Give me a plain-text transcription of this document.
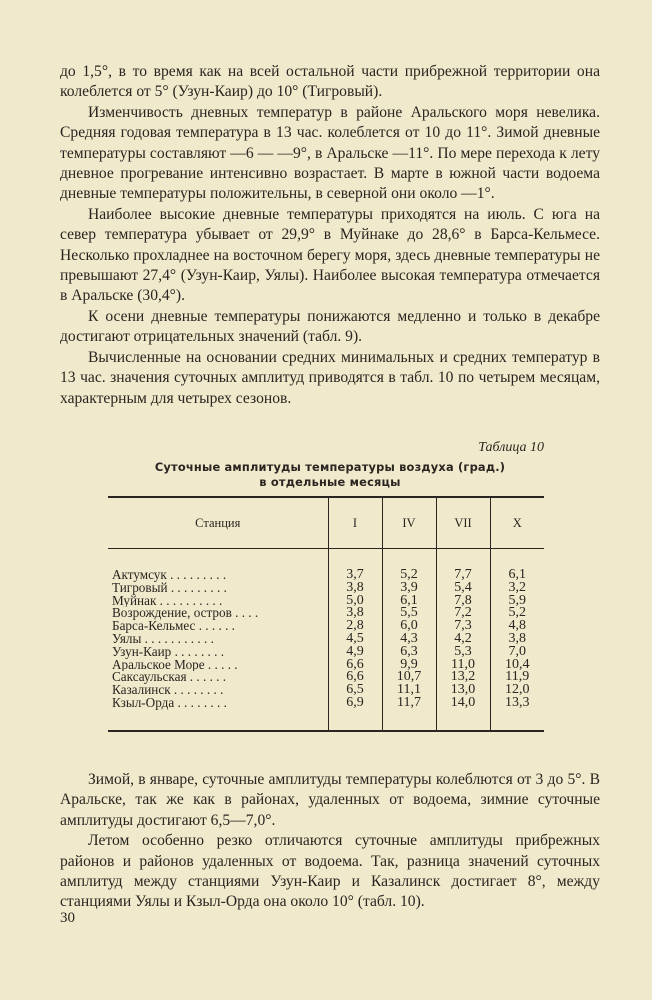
до 1,5°, в то время как на всей остальной части прибрежной территории она колеблется от 5° (Узун-Каир) до 10° (Тигровый).

Изменчивость дневных температур в районе Аральского моря невелика. Средняя годовая температура в 13 час. колеблется от 10 до 11°. Зимой дневные температуры составляют —6 — —9°, в Аральске —11°. По мере перехода к лету дневное прогревание интенсивно возрастает. В марте в южной части водоема дневные температуры положительны, в северной они около —1°.

Наиболее высокие дневные температуры приходятся на июль. С юга на север температура убывает от 29,9° в Муйнаке до 28,6° в Барса-Кельмесе. Несколько прохладнее на восточном берегу моря, здесь дневные температуры не превышают 27,4° (Узун-Каир, Уялы). Наиболее высокая температура отмечается в Аральске (30,4°).

К осени дневные температуры понижаются медленно и только в декабре достигают отрицательных значений (табл. 9).

Вычисленные на основании средних минимальных и средних температур в 13 час. значения суточных амплитуд приводятся в табл. 10 по четырем месяцам, характерным для четырех сезонов.

Таблица 10
Суточные амплитуды температуры воздуха (град.)
в отдельные месяцы
Станция	I	IV	VII	X
Актумсук . . . . . . . . .	3,7	5,2	7,7	6,1
Тигровый . . . . . . . . .	3,8	3,9	5,4	3,2
Муйнак . . . . . . . . . .	5,0	6,1	7,8	5,9
Возрождение, остров . . . .	3,8	5,5	7,2	5,2
Барса-Кельмес . . . . . .	2,8	6,0	7,3	4,8
Уялы . . . . . . . . . . .	4,5	4,3	4,2	3,8
Узун-Каир . . . . . . . .	4,9	6,3	5,3	7,0
Аральское Море . . . . .	6,6	9,9	11,0	10,4
Саксаульская . . . . . .	6,6	10,7	13,2	11,9
Казалинск . . . . . . . .	6,5	11,1	13,0	12,0
Кзыл-Орда . . . . . . . .	6,9	11,7	14,0	13,3

Зимой, в январе, суточные амплитуды температуры колеблются от 3 до 5°. В Аральске, так же как в районах, удаленных от водоема, зимние суточные амплитуды достигают 6,5—7,0°.

Летом особенно резко отличаются суточные амплитуды прибрежных районов и районов удаленных от водоема. Так, разница значений суточных амплитуд между станциями Узун-Каир и Казалинск достигает 8°, между станциями Уялы и Кзыл-Орда она около 10° (табл. 10).

30
